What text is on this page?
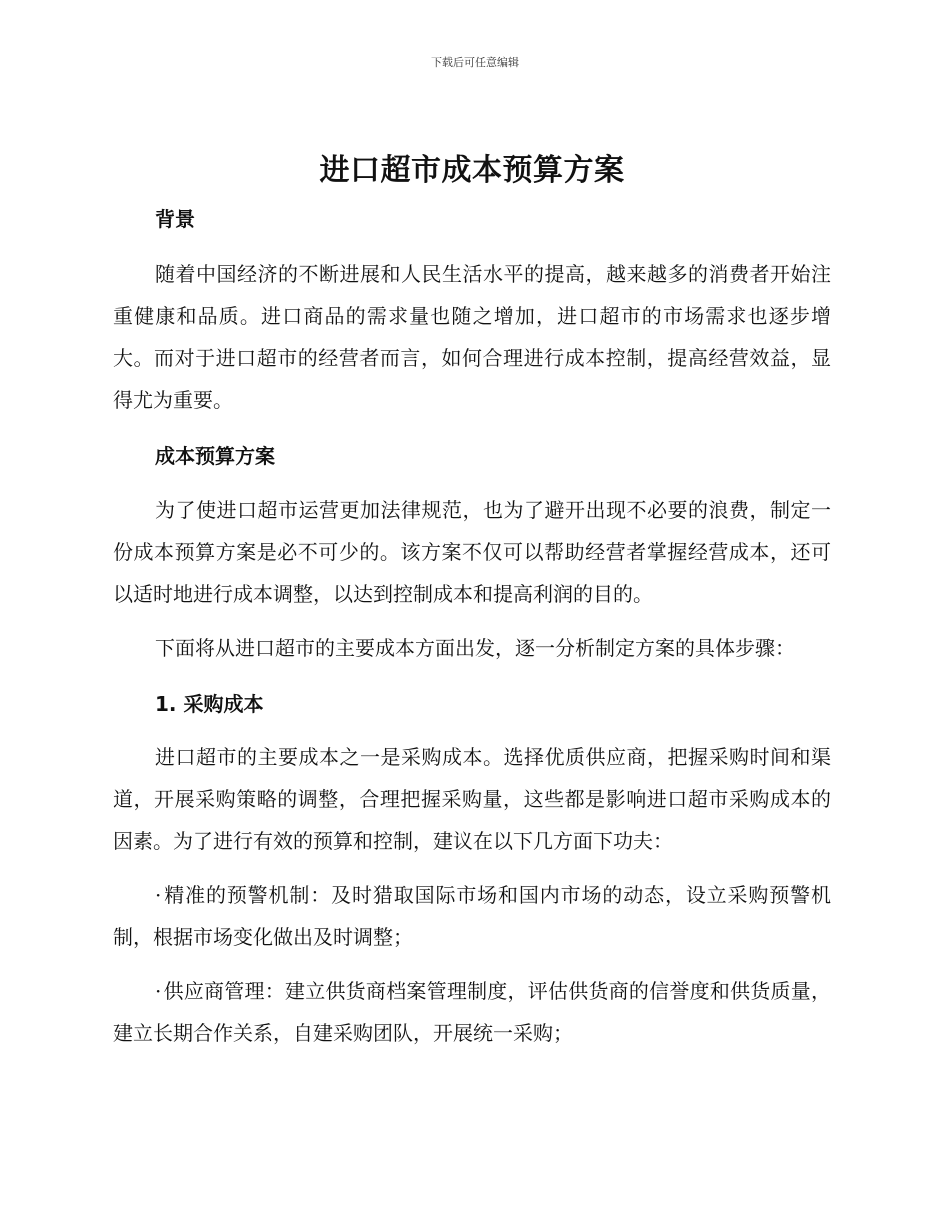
下载后可任意编辑
进口超市成本预算方案
背景

随着中国经济的不断进展和人民生活水平的提高，越来越多的消费者开始注重健康和品质。进口商品的需求量也随之增加，进口超市的市场需求也逐步增大。而对于进口超市的经营者而言，如何合理进行成本控制，提高经营效益，显得尤为重要。

成本预算方案

为了使进口超市运营更加法律规范，也为了避开出现不必要的浪费，制定一份成本预算方案是必不可少的。该方案不仅可以帮助经营者掌握经营成本，还可以适时地进行成本调整，以达到控制成本和提高利润的目的。

下面将从进口超市的主要成本方面出发，逐一分析制定方案的具体步骤：

1. 采购成本

进口超市的主要成本之一是采购成本。选择优质供应商，把握采购时间和渠道，开展采购策略的调整，合理把握采购量，这些都是影响进口超市采购成本的因素。为了进行有效的预算和控制，建议在以下几方面下功夫：

· 精准的预警机制：及时猎取国际市场和国内市场的动态，设立采购预警机制，根据市场变化做出及时调整；

· 供应商管理：建立供货商档案管理制度，评估供货商的信誉度和供货质量，建立长期合作关系，自建采购团队，开展统一采购；
